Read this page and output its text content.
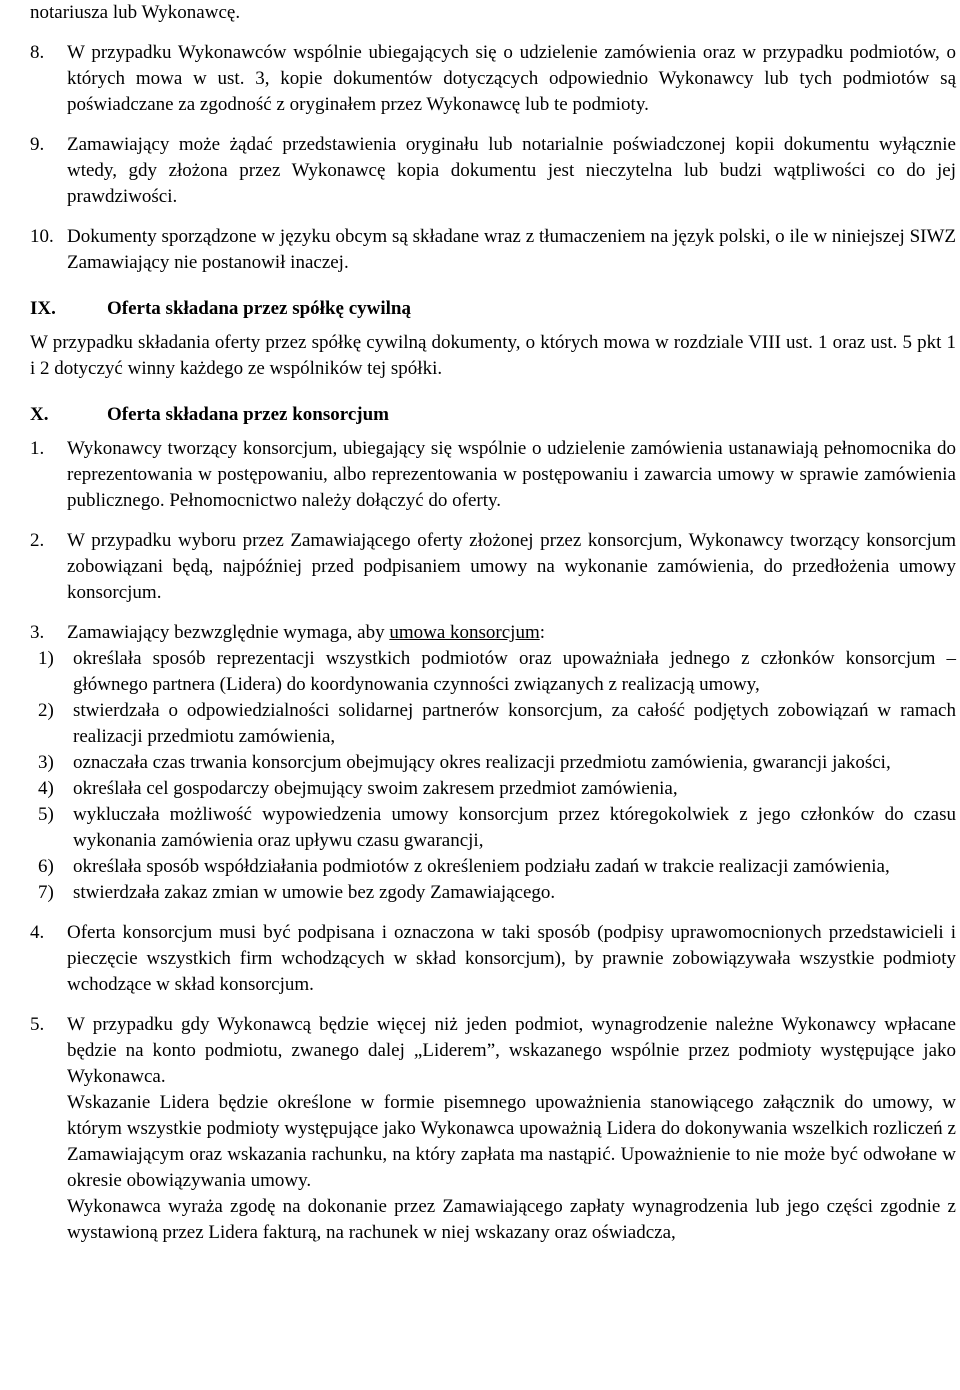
notariusza lub Wykonawcę.

8. W przypadku Wykonawców wspólnie ubiegających się o udzielenie zamówienia oraz w przypadku podmiotów, o których mowa w ust. 3, kopie dokumentów dotyczących odpowiednio Wykonawcy lub tych podmiotów są poświadczane za zgodność z oryginałem przez Wykonawcę lub te podmioty.

9. Zamawiający może żądać przedstawienia oryginału lub notarialnie poświadczonej kopii dokumentu wyłącznie wtedy, gdy złożona przez Wykonawcę kopia dokumentu jest nieczytelna lub budzi wątpliwości co do jej prawdziwości.

10. Dokumenty sporządzone w języku obcym są składane wraz z tłumaczeniem na język polski, o ile w niniejszej SIWZ Zamawiający nie postanowił inaczej.

IX.	Oferta składana przez spółkę cywilną

W przypadku składania oferty przez spółkę cywilną dokumenty, o których mowa w rozdziale VIII ust. 1 oraz ust. 5 pkt 1 i 2 dotyczyć winny każdego ze wspólników tej spółki.

X.	Oferta składana przez konsorcjum
1. Wykonawcy tworzący konsorcjum, ubiegający się wspólnie o udzielenie zamówienia ustanawiają pełnomocnika do reprezentowania w postępowaniu, albo reprezentowania w postępowaniu i zawarcia umowy w sprawie zamówienia publicznego. Pełnomocnictwo należy dołączyć do oferty.

2. W przypadku wyboru przez Zamawiającego oferty złożonej przez konsorcjum, Wykonawcy tworzący konsorcjum zobowiązani będą, najpóźniej przed podpisaniem umowy na wykonanie zamówienia, do przedłożenia umowy konsorcjum.

3. Zamawiający bezwzględnie wymaga, aby umowa konsorcjum:

1) określała sposób reprezentacji wszystkich podmiotów oraz upoważniała jednego z członków konsorcjum – głównego partnera (Lidera) do koordynowania czynności związanych z realizacją umowy,

2) stwierdzała o odpowiedzialności solidarnej partnerów konsorcjum, za całość podjętych zobowiązań w ramach realizacji przedmiotu zamówienia,

3) oznaczała czas trwania konsorcjum obejmujący okres realizacji przedmiotu zamówienia, gwarancji jakości,

4) określała cel gospodarczy obejmujący swoim zakresem przedmiot zamówienia,

5) wykluczała możliwość wypowiedzenia umowy konsorcjum przez któregokolwiek z jego członków do czasu wykonania zamówienia oraz upływu czasu gwarancji,

6) określała sposób współdziałania podmiotów z określeniem podziału zadań w trakcie realizacji zamówienia,

7) stwierdzała zakaz zmian w umowie bez zgody Zamawiającego.

4. Oferta konsorcjum musi być podpisana i oznaczona w taki sposób (podpisy uprawomocnionych przedstawicieli i pieczęcie wszystkich firm wchodzących w skład konsorcjum), by prawnie zobowiązywała wszystkie podmioty wchodzące w skład konsorcjum.

5. W przypadku gdy Wykonawcą będzie więcej niż jeden podmiot, wynagrodzenie należne Wykonawcy wpłacane będzie na konto podmiotu, zwanego dalej „Liderem”, wskazanego wspólnie przez podmioty występujące jako Wykonawca.

Wskazanie Lidera będzie określone w formie pisemnego upoważnienia stanowiącego załącznik do umowy, w którym wszystkie podmioty występujące jako Wykonawca upoważnią Lidera do dokonywania wszelkich rozliczeń z Zamawiającym oraz wskazania rachunku, na który zapłata ma nastąpić. Upoważnienie to nie może być odwołane w okresie obowiązywania umowy.

Wykonawca wyraża zgodę na dokonanie przez Zamawiającego zapłaty wynagrodzenia lub jego części zgodnie z wystawioną przez Lidera fakturą, na rachunek w niej wskazany oraz oświadcza,
